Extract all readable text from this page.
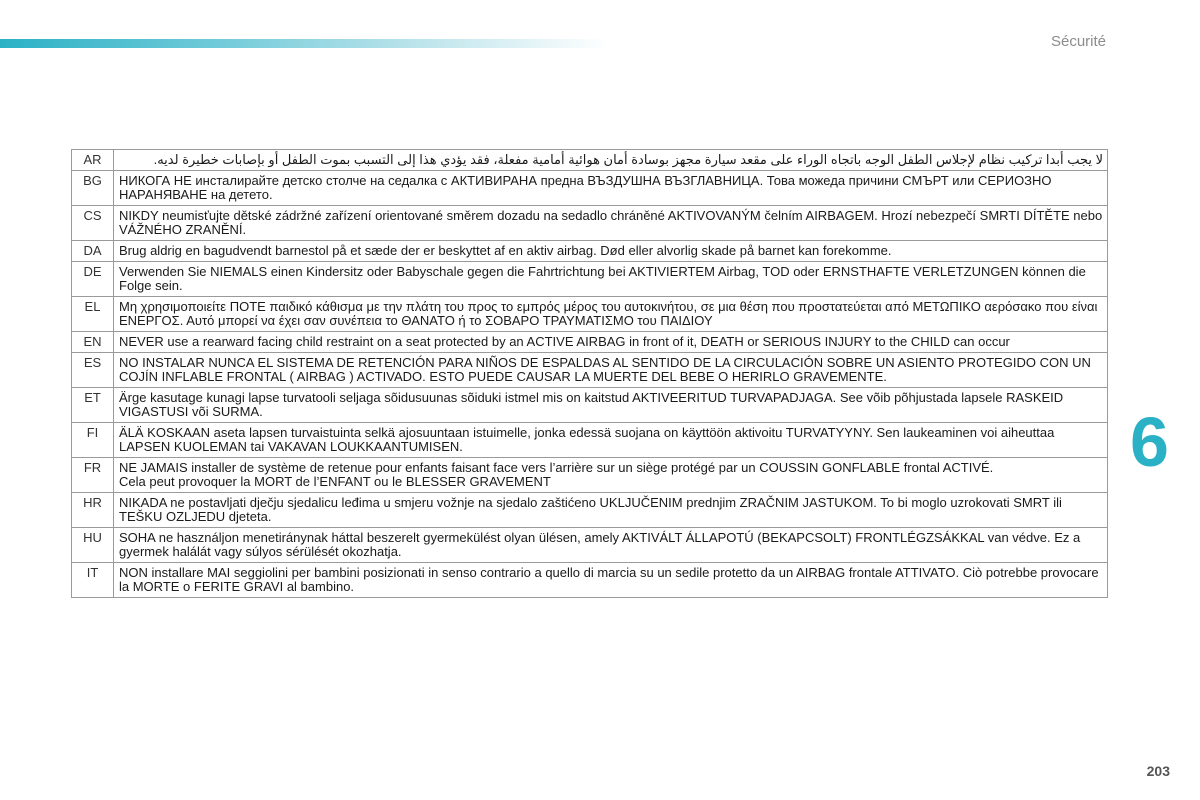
Sécurité
AR	لا يجب أبدا تركيب نظام لإجلاس الطفل الوجه باتجاه الوراء على مقعد سيارة مجهز بوسادة أمان هوائية أمامية مفعلة، فقد يؤدي هذا إلى التسبب بموت الطفل أو بإصابات خطيرة لديه.
BG	НИКОГА НЕ инсталирайте детско столче на седалка с АКТИВИРАНА предна ВЪЗДУШНА ВЪЗГЛАВНИЦА. Това можеда причини СМЪРТ или СЕРИОЗНО НАРАНЯВАНЕ на детето.
CS	NIKDY neumisťujte dětské zádržné zařízení orientované směrem dozadu na sedadlo chráněné AKTIVOVANÝM čelním AIRBAGEM. Hrozí nebezpečí SMRTI DÍTĚTE nebo VÁŽNÉHO ZRANĚNÍ.
DA	Brug aldrig en bagudvendt barnestol på et sæde der er beskyttet af en aktiv airbag. Død eller alvorlig skade på barnet kan forekomme.
DE	Verwenden Sie NIEMALS einen Kindersitz oder Babyschale gegen die Fahrtrichtung bei AKTIVIERTEM Airbag, TOD oder ERNSTHAFTE VERLETZUNGEN können die Folge sein.
EL	Μη χρησιμοποιείτε ΠΟΤΕ παιδικό κάθισμα με την πλάτη του προς το εμπρός μέρος του αυτοκινήτου, σε μια θέση που προστατεύεται από ΜΕΤΩΠΙΚΟ αερόσακο που είναι ΕΝΕΡΓΟΣ. Αυτό μπορεί να έχει σαν συνέπεια το ΘΑΝΑΤΟ ή το ΣΟΒΑΡΟ ΤΡΑΥΜΑΤΙΣΜΟ του ΠΑΙΔΙΟΥ
EN	NEVER use a rearward facing child restraint on a seat protected by an ACTIVE AIRBAG in front of it, DEATH or SERIOUS INJURY to the CHILD can occur
ES	NO INSTALAR NUNCA EL SISTEMA DE RETENCIÓN PARA NIÑOS DE ESPALDAS AL SENTIDO DE LA CIRCULACIÓN SOBRE UN ASIENTO PROTEGIDO CON UN COJÍN INFLABLE FRONTAL ( AIRBAG ) ACTIVADO. ESTO PUEDE CAUSAR LA MUERTE DEL BEBE O HERIRLO GRAVEMENTE.
ET	Ärge kasutage kunagi lapse turvatooli seljaga sõidusuunas sõiduki istmel mis on kaitstud AKTIVEERITUD TURVAPADJAGA. See võib põhjustada lapsele RASKEID VIGASTUSI või SURMA.
FI	ÄLÄ KOSKAAN aseta lapsen turvaistuinta selkä ajosuuntaan istuimelle, jonka edessä suojana on käyttöön aktivoitu TURVATYYNY. Sen laukeaminen voi aiheuttaa LAPSEN KUOLEMAN tai VAKAVAN LOUKKAANTUMISEN.
FR	NE JAMAIS installer de système de retenue pour enfants faisant face vers l’arrière sur un siège protégé par un COUSSIN GONFLABLE frontal ACTIVÉ.
Cela peut provoquer la MORT de l’ENFANT ou le BLESSER GRAVEMENT
HR	NIKADA ne postavljati dječju sjedalicu leđima u smjeru vožnje na sjedalo zaštićeno UKLJUČENIM prednjim ZRAČNIM JASTUKOM. To bi moglo uzrokovati SMRT ili TEŠKU OZLJEDU djeteta.
HU	SOHA ne használjon menetiránynak háttal beszerelt gyermekülést olyan ülésen, amely AKTIVÁLT ÁLLAPOTÚ (BEKAPCSOLT) FRONTLÉGZSÁKKAL van védve. Ez a gyermek halálát vagy súlyos sérülését okozhatja.
IT	NON installare MAI seggiolini per bambini posizionati in senso contrario a quello di marcia su un sedile protetto da un AIRBAG frontale ATTIVATO. Ciò potrebbe provocare la MORTE o FERITE GRAVI al bambino.
6
203
